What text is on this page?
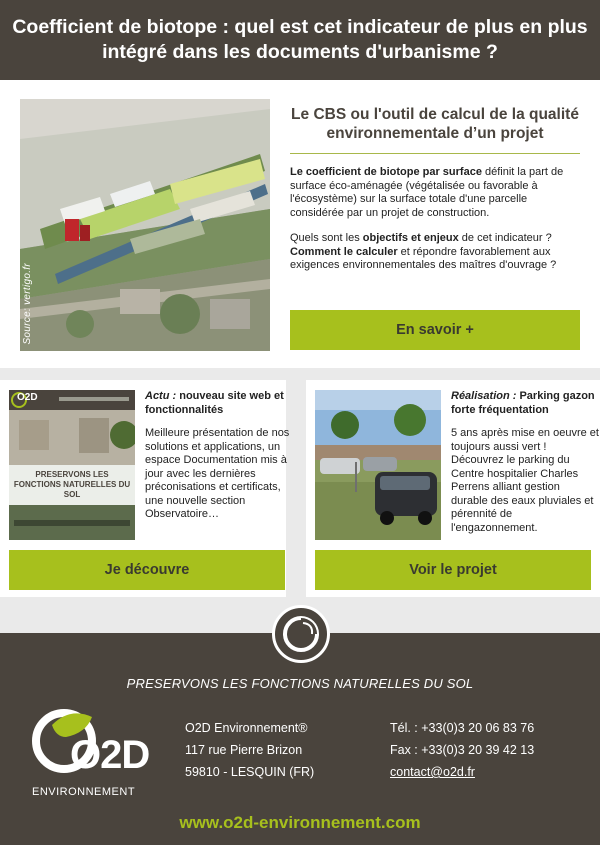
Coefficient de biotope : quel est cet indicateur de plus en plus intégré dans les documents d'urbanisme ?
Source: vertigo.fr
Le CBS ou l'outil de calcul de la qualité environnementale d’un projet

Le coefficient de biotope par surface définit la part de surface éco-aménagée (végétalisée ou favorable à l'écosystème) sur la surface totale d'une parcelle considérée par un projet de construction.

Quels sont les objectifs et enjeux de cet indicateur ?
Comment le calculer et répondre favorablement aux exigences environnementales des maîtres d'ouvrage ?

En savoir +
O2D
PRESERVONS LES FONCTIONS NATURELLES DU SOL
Actu : nouveau site web et fonctionnalités
Meilleure présentation de nos solutions et applications, un espace Documentation mis à jour avec les dernières préconisations et certificats, une nouvelle section Observatoire…
Je découvre
Réalisation : Parking gazon forte fréquentation
5 ans après mise en oeuvre et toujours aussi vert ! Découvrez le parking du Centre hospitalier Charles Perrens alliant gestion durable des eaux pluviales et pérennité de l'engazonnement.
Voir le projet
PRESERVONS LES FONCTIONS NATURELLES DU SOL
O2D
ENVIRONNEMENT
O2D Environnement®
117 rue Pierre Brizon
59810 - LESQUIN (FR)
Tél. : +33(0)3 20 06 83 76
Fax : +33(0)3 20 39 42 13
contact@o2d.fr
www.o2d-environnement.com
